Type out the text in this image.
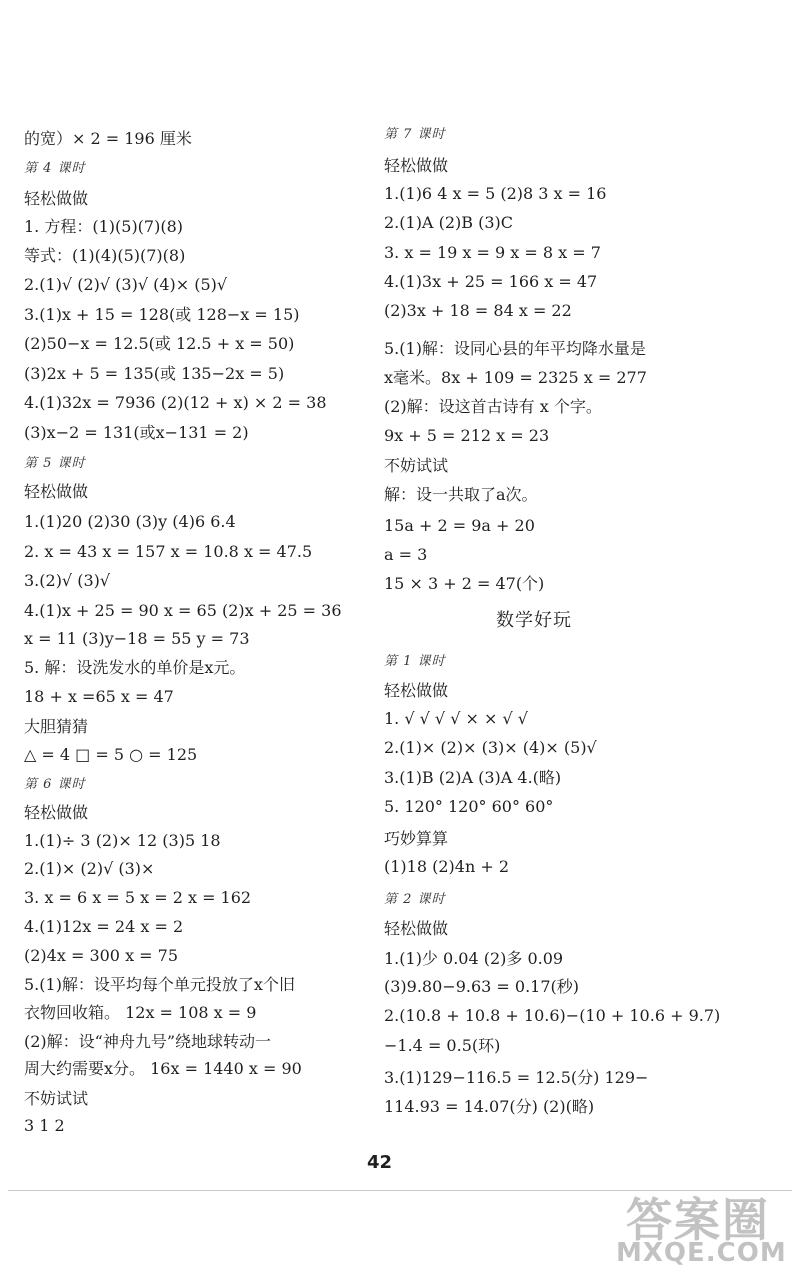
的宽）× 2 = 196 厘米
第 4 课时
轻松做做
1. 方程：(1)(5)(7)(8)
等式：(1)(4)(5)(7)(8)
2.(1)√ (2)√ (3)√ (4)× (5)√
3.(1)x + 15 = 128(或 128−x = 15)
(2)50−x = 12.5(或 12.5 + x = 50)
(3)2x + 5 = 135(或 135−2x = 5)
4.(1)32x = 7936 (2)(12 + x) × 2 = 38
(3)x−2 = 131(或x−131 = 2)
第 5 课时
轻松做做
1.(1)20 (2)30 (3)y (4)6 6.4
2. x = 43 x = 157 x = 10.8 x = 47.5
3.(2)√ (3)√
4.(1)x + 25 = 90 x = 65 (2)x + 25 = 36
x = 11 (3)y−18 = 55 y = 73
5. 解：设洗发水的单价是x元。
18 + x =65 x = 47
大胆猜猜
△ = 4 □ = 5 ○ = 125
第 6 课时
轻松做做
1.(1)÷ 3 (2)× 12 (3)5 18
2.(1)× (2)√ (3)×
3. x = 6 x = 5 x = 2 x = 162
4.(1)12x = 24 x = 2
(2)4x = 300 x = 75
5.(1)解：设平均每个单元投放了x个旧
衣物回收箱。 12x = 108 x = 9
(2)解：设“神舟九号”绕地球转动一
周大约需要x分。 16x = 1440 x = 90
不妨试试
3 1 2
第 7 课时
轻松做做
1.(1)6 4 x = 5 (2)8 3 x = 16
2.(1)A (2)B (3)C
3. x = 19 x = 9 x = 8 x = 7
4.(1)3x + 25 = 166 x = 47
(2)3x + 18 = 84 x = 22
5.(1)解：设同心县的年平均降水量是
x毫米。8x + 109 = 2325 x = 277
(2)解：设这首古诗有 x 个字。
9x + 5 = 212 x = 23
不妨试试
解：设一共取了a次。
15a + 2 = 9a + 20
a = 3
15 × 3 + 2 = 47(个)
数学好玩
第 1 课时
轻松做做
1. √ √ √ √ × × √ √
2.(1)× (2)× (3)× (4)× (5)√
3.(1)B (2)A (3)A 4.(略)
5. 120° 120° 60° 60°
巧妙算算
(1)18 (2)4n + 2
第 2 课时
轻松做做
1.(1)少 0.04 (2)多 0.09
(3)9.80−9.63 = 0.17(秒)
2.(10.8 + 10.8 + 10.6)−(10 + 10.6 + 9.7)
−1.4 = 0.5(环)
3.(1)129−116.5 = 12.5(分) 129−
114.93 = 14.07(分) (2)(略)
42
答案圈
MXQE.COM
